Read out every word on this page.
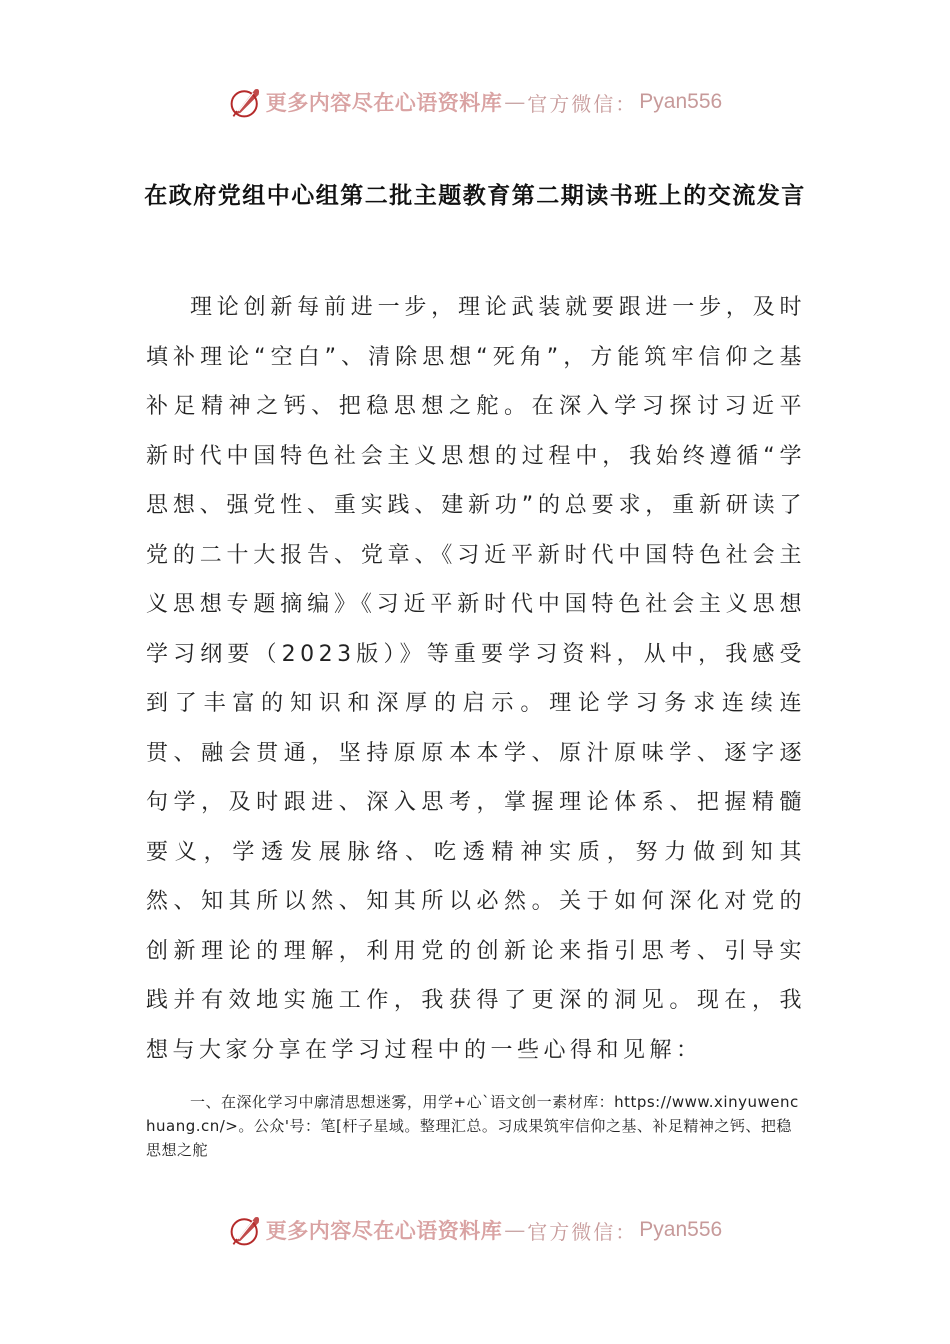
更多内容尽在心语资料库 — 官方微信： Pyan556
在政府党组中心组第二批主题教育第二期读书班上的交流发言

理论创新每前进一步，理论武装就要跟进一步，及时填补理论“空白”、清除思想“死角”，方能筑牢信仰之基补足精神之钙、把稳思想之舵。在深入学习探讨习近平新时代中国特色社会主义思想的过程中，我始终遵循“学思想、强党性、重实践、建新功”的总要求，重新研读了党的二十大报告、党章、《习近平新时代中国特色社会主义思想专题摘编》《习近平新时代中国特色社会主义思想学习纲要（2023版）》等重要学习资料，从中，我感受到了丰富的知识和深厚的启示。理论学习务求连续连贯、融会贯通，坚持原原本本学、原汁原味学、逐字逐句学，及时跟进、深入思考，掌握理论体系、把握精髓要义，学透发展脉络、吃透精神实质，努力做到知其然、知其所以然、知其所以必然。关于如何深化对党的创新理论的理解，利用党的创新论来指引思考、引导实践并有效地实施工作，我获得了更深的洞见。现在，我想与大家分享在学习过程中的一些心得和见解：

一、在深化学习中廓清思想迷雾，用学+心`语文创一素材库：https://www.xinyuwenchuang.cn/>。公众'号：笔[杆子星域。整理汇总。习成果筑牢信仰之基、补足精神之钙、把稳思想之舵

更多内容尽在心语资料库 — 官方微信： Pyan556
